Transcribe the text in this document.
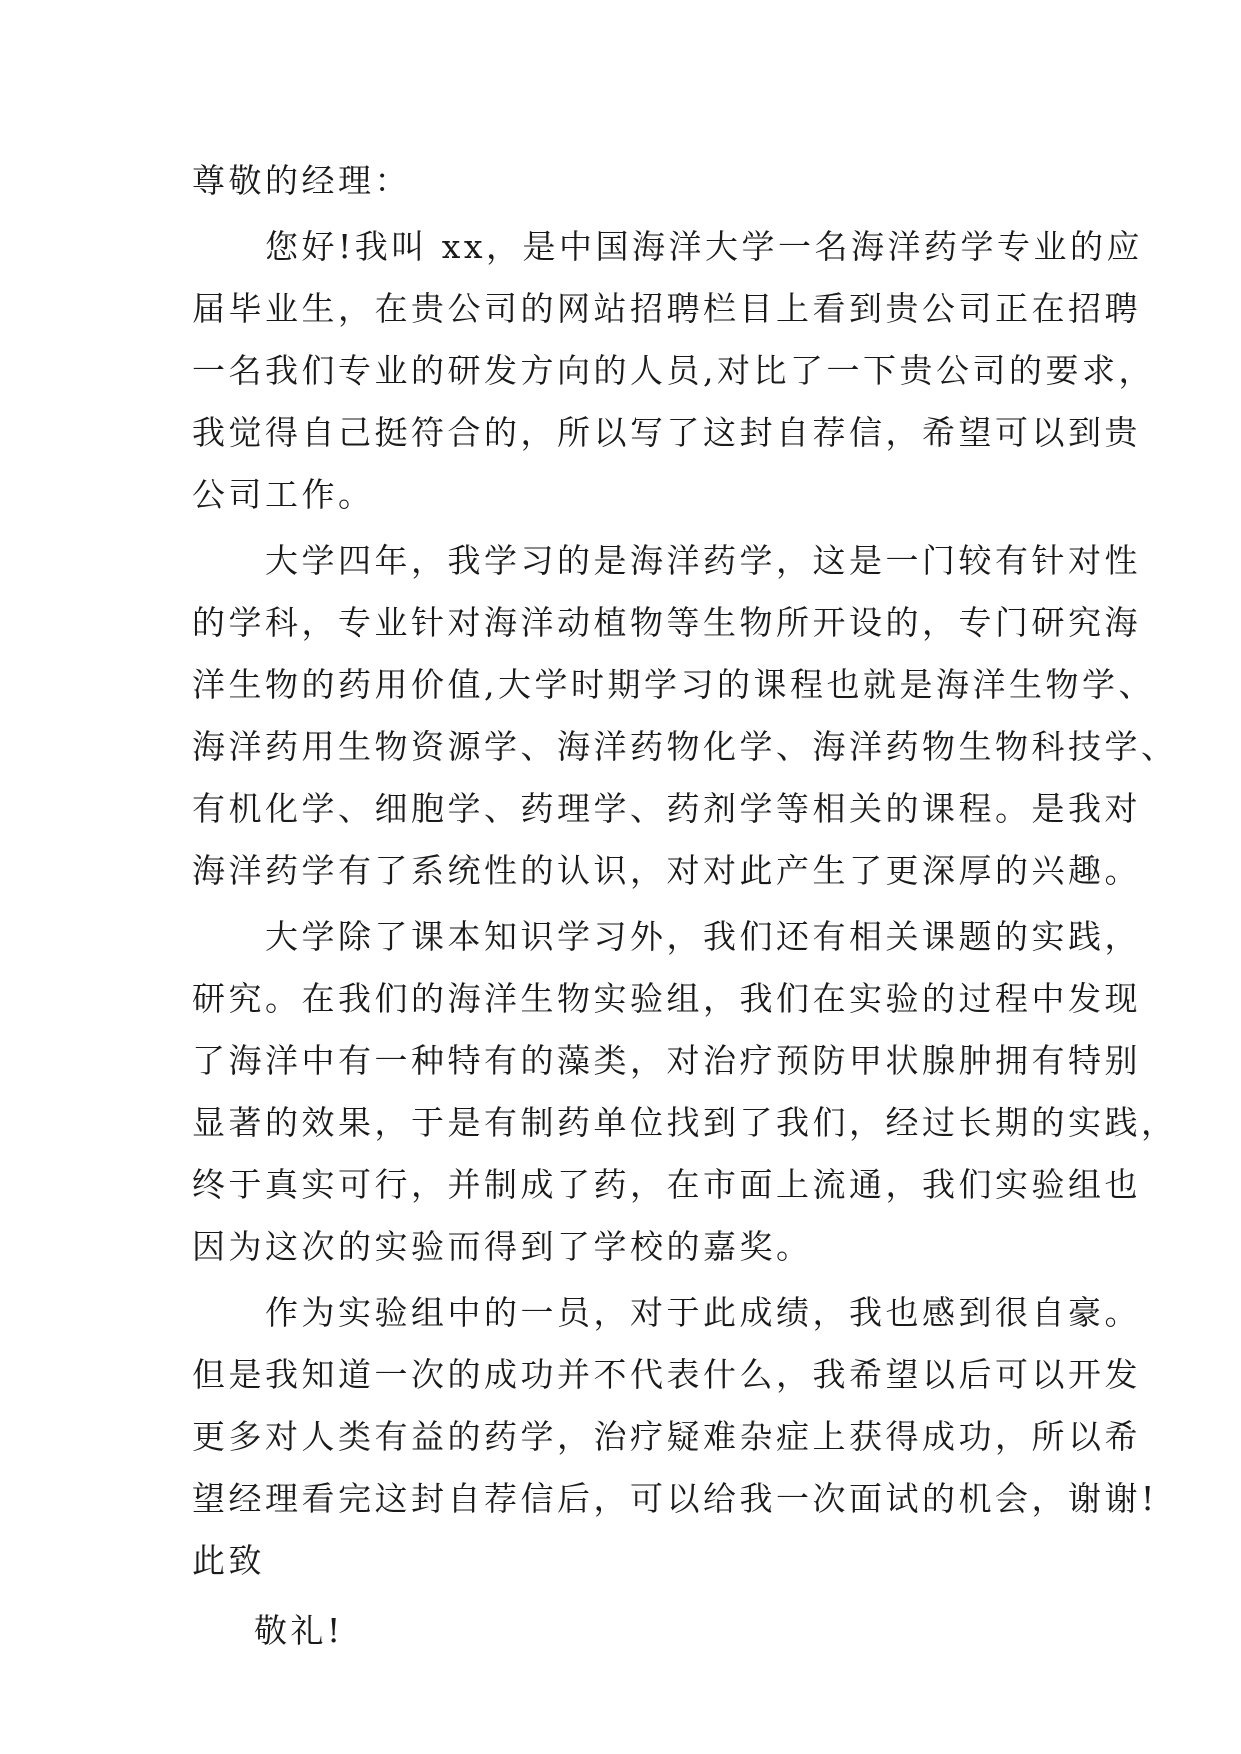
尊敬的经理：
　　您好!我叫 xx，是中国海洋大学一名海洋药学专业的应
届毕业生，在贵公司的网站招聘栏目上看到贵公司正在招聘
一名我们专业的研发方向的人员,对比了一下贵公司的要求，
我觉得自己挺符合的，所以写了这封自荐信，希望可以到贵
公司工作。
　　大学四年，我学习的是海洋药学，这是一门较有针对性
的学科，专业针对海洋动植物等生物所开设的，专门研究海
洋生物的药用价值,大学时期学习的课程也就是海洋生物学、
海洋药用生物资源学、海洋药物化学、海洋药物生物科技学、
有机化学、细胞学、药理学、药剂学等相关的课程。是我对
海洋药学有了系统性的认识，对对此产生了更深厚的兴趣。
　　大学除了课本知识学习外，我们还有相关课题的实践，
研究。在我们的海洋生物实验组，我们在实验的过程中发现
了海洋中有一种特有的藻类，对治疗预防甲状腺肿拥有特别
显著的效果，于是有制药单位找到了我们，经过长期的实践，
终于真实可行，并制成了药，在市面上流通，我们实验组也
因为这次的实验而得到了学校的嘉奖。
　　作为实验组中的一员，对于此成绩，我也感到很自豪。
但是我知道一次的成功并不代表什么，我希望以后可以开发
更多对人类有益的药学，治疗疑难杂症上获得成功，所以希
望经理看完这封自荐信后，可以给我一次面试的机会，谢谢!
此致
敬礼!
